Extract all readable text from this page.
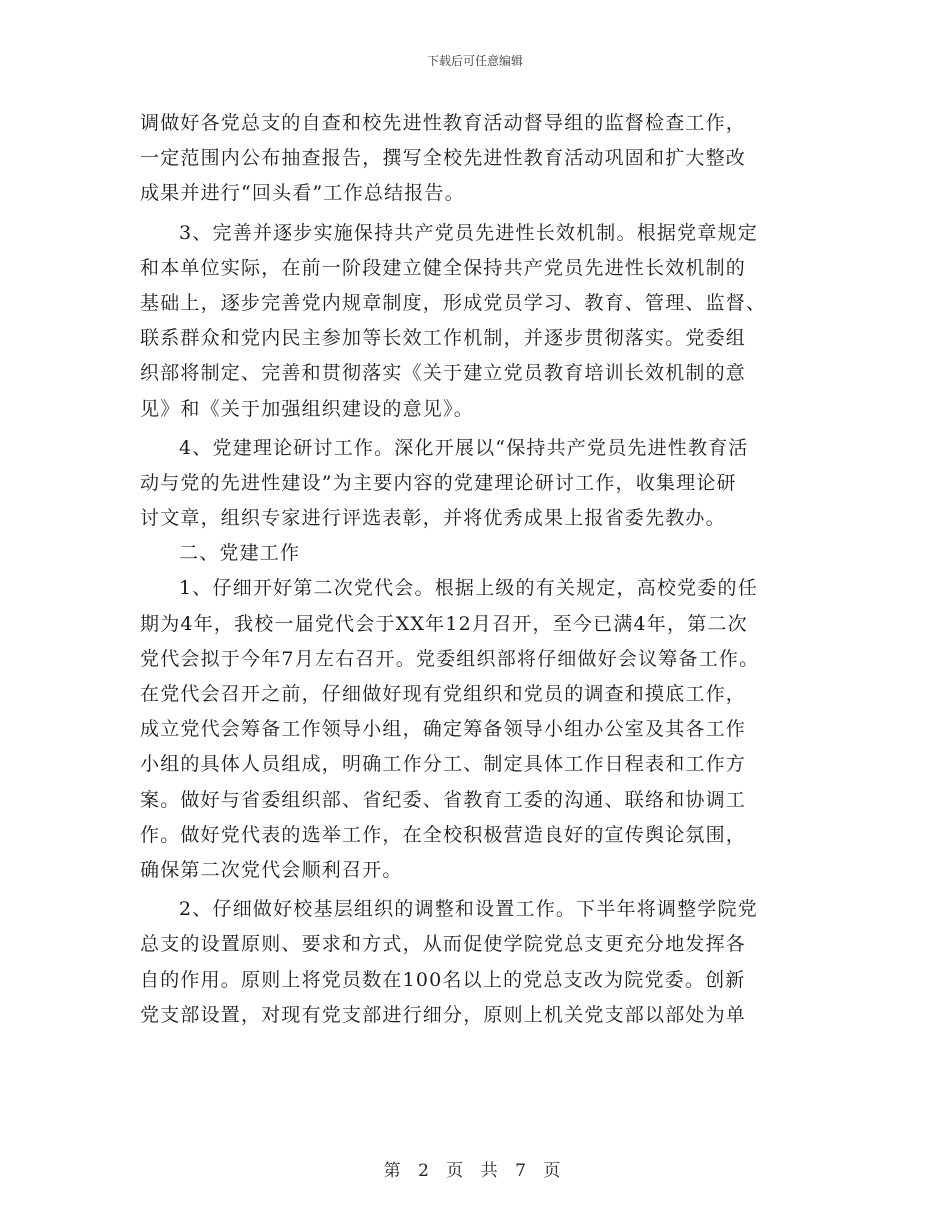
下载后可任意编辑
调做好各党总支的自查和校先进性教育活动督导组的监督检查工作，
一定范围内公布抽查报告，撰写全校先进性教育活动巩固和扩大整改
成果并进行“回头看”工作总结报告。
3、完善并逐步实施保持共产党员先进性长效机制。根据党章规定
和本单位实际，在前一阶段建立健全保持共产党员先进性长效机制的
基础上，逐步完善党内规章制度，形成党员学习、教育、管理、监督、
联系群众和党内民主参加等长效工作机制，并逐步贯彻落实。党委组
织部将制定、完善和贯彻落实《关于建立党员教育培训长效机制的意
见》和《关于加强组织建设的意见》。
4、党建理论研讨工作。深化开展以“保持共产党员先进性教育活
动与党的先进性建设”为主要内容的党建理论研讨工作，收集理论研
讨文章，组织专家进行评选表彰，并将优秀成果上报省委先教办。
二、党建工作
1、仔细开好第二次党代会。根据上级的有关规定，高校党委的任
期为4年，我校一届党代会于XX年12月召开，至今已满4年，第二次
党代会拟于今年7月左右召开。党委组织部将仔细做好会议筹备工作。
在党代会召开之前，仔细做好现有党组织和党员的调查和摸底工作，
成立党代会筹备工作领导小组，确定筹备领导小组办公室及其各工作
小组的具体人员组成，明确工作分工、制定具体工作日程表和工作方
案。做好与省委组织部、省纪委、省教育工委的沟通、联络和协调工
作。做好党代表的选举工作，在全校积极营造良好的宣传舆论氛围，
确保第二次党代会顺利召开。
2、仔细做好校基层组织的调整和设置工作。下半年将调整学院党
总支的设置原则、要求和方式，从而促使学院党总支更充分地发挥各
自的作用。原则上将党员数在100名以上的党总支改为院党委。创新
党支部设置，对现有党支部进行细分，原则上机关党支部以部处为单
第 2 页 共 7 页
